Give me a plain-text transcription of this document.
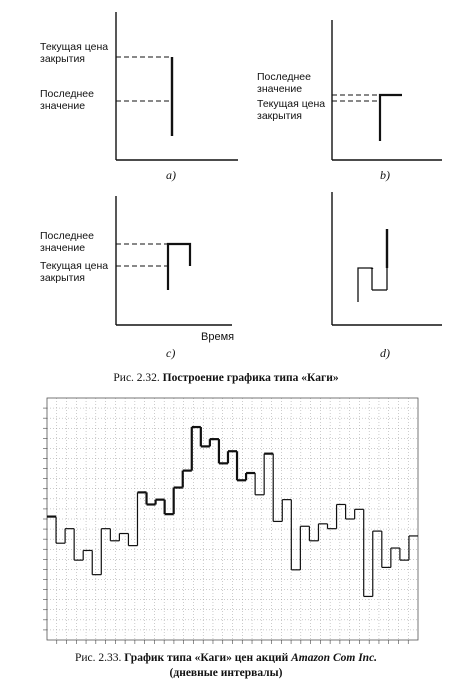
Текущая цена
закрытия
Последнее
значение
a)
Последнее
значение
Текущая цена
закрытия
b)
Последнее
значение
Текущая цена
закрытия
Время
c)	d)
Рис. 2.32. Построение графика типа «Каги»
Рис. 2.33. График типа «Каги» цен акций Amazon Com Inc.
(дневные интервалы)
